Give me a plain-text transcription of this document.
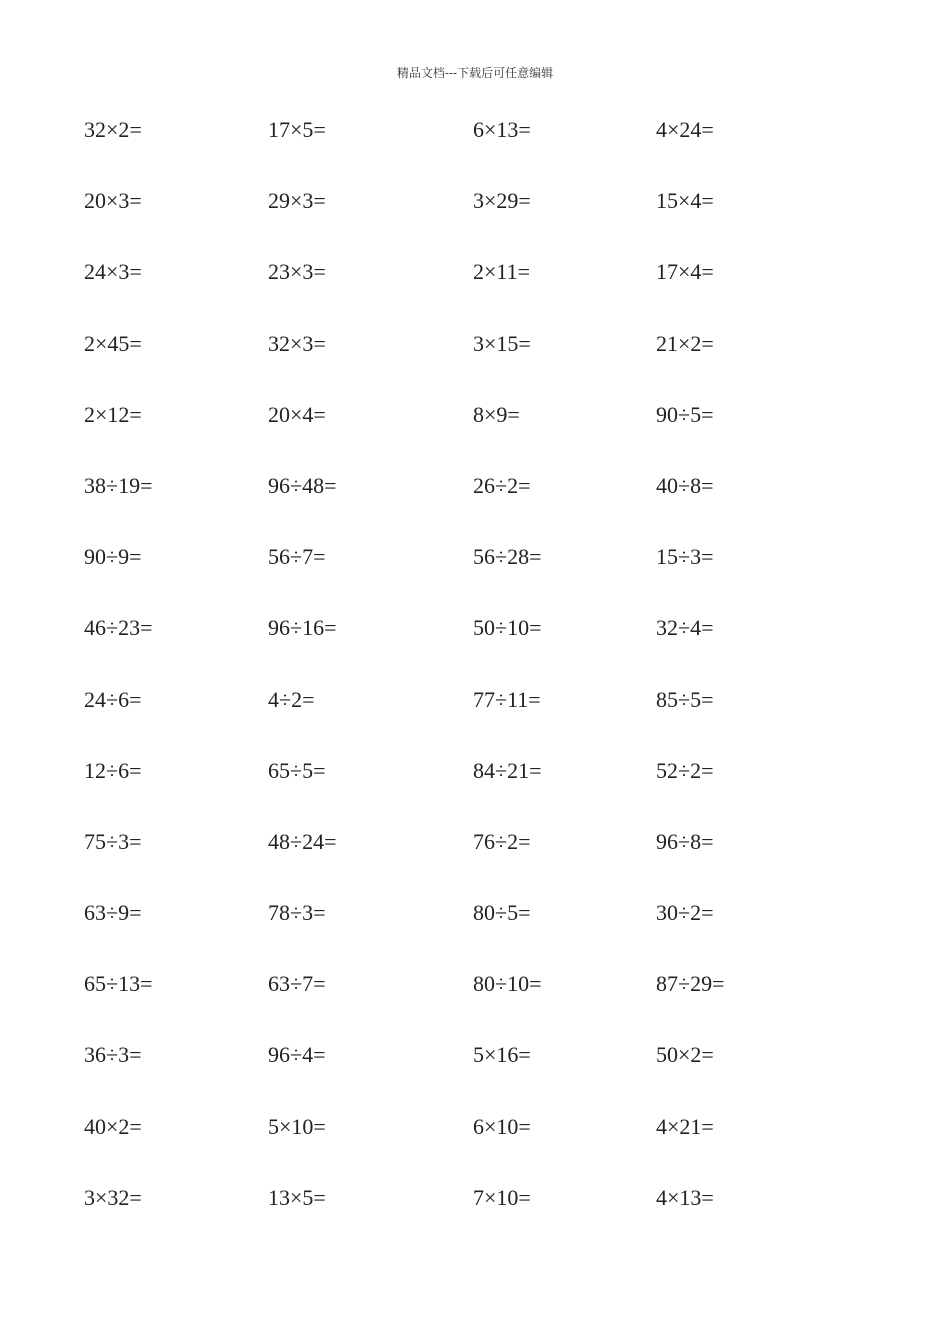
精品文档---下载后可任意编辑
32×2=	17×5=	6×13=	4×24=
20×3=	29×3=	3×29=	15×4=
24×3=	23×3=	2×11=	17×4=
2×45=	32×3=	3×15=	21×2=
2×12=	20×4=	8×9=	90÷5=
38÷19=	96÷48=	26÷2=	40÷8=
90÷9=	56÷7=	56÷28=	15÷3=
46÷23=	96÷16=	50÷10=	32÷4=
24÷6=	4÷2=	77÷11=	85÷5=
12÷6=	65÷5=	84÷21=	52÷2=
75÷3=	48÷24=	76÷2=	96÷8=
63÷9=	78÷3=	80÷5=	30÷2=
65÷13=	63÷7=	80÷10=	87÷29=
36÷3=	96÷4=	5×16=	50×2=
40×2=	5×10=	6×10=	4×21=
3×32=	13×5=	7×10=	4×13=
